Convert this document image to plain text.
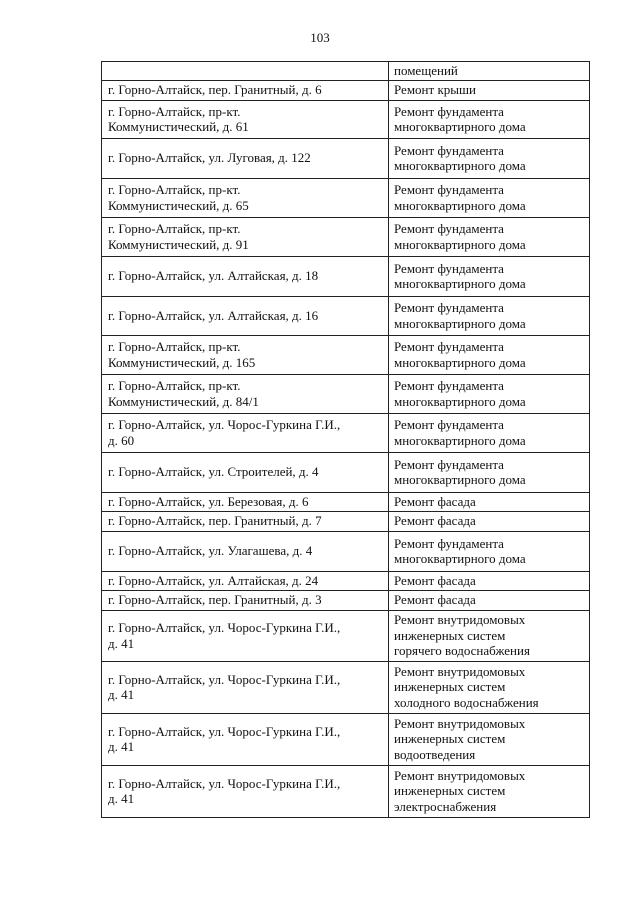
103
	помещений
г. Горно-Алтайск, пер. Гранитный, д. 6	Ремонт крыши
г. Горно-Алтайск, пр-кт.
Коммунистический, д. 61	Ремонт фундамента
многоквартирного дома
г. Горно-Алтайск, ул. Луговая, д. 122	Ремонт фундамента
многоквартирного дома
г. Горно-Алтайск, пр-кт.
Коммунистический, д. 65	Ремонт фундамента
многоквартирного дома
г. Горно-Алтайск, пр-кт.
Коммунистический, д. 91	Ремонт фундамента
многоквартирного дома
г. Горно-Алтайск, ул. Алтайская, д. 18	Ремонт фундамента
многоквартирного дома
г. Горно-Алтайск, ул. Алтайская, д. 16	Ремонт фундамента
многоквартирного дома
г. Горно-Алтайск, пр-кт.
Коммунистический, д. 165	Ремонт фундамента
многоквартирного дома
г. Горно-Алтайск, пр-кт.
Коммунистический, д. 84/1	Ремонт фундамента
многоквартирного дома
г. Горно-Алтайск, ул. Чорос-Гуркина Г.И.,
д. 60	Ремонт фундамента
многоквартирного дома
г. Горно-Алтайск, ул. Строителей, д. 4	Ремонт фундамента
многоквартирного дома
г. Горно-Алтайск, ул. Березовая, д. 6	Ремонт фасада
г. Горно-Алтайск, пер. Гранитный, д. 7	Ремонт фасада
г. Горно-Алтайск, ул. Улагашева, д. 4	Ремонт фундамента
многоквартирного дома
г. Горно-Алтайск, ул. Алтайская, д. 24	Ремонт фасада
г. Горно-Алтайск, пер. Гранитный, д. 3	Ремонт фасада
г. Горно-Алтайск, ул. Чорос-Гуркина Г.И.,
д. 41	Ремонт внутридомовых
инженерных систем
горячего водоснабжения
г. Горно-Алтайск, ул. Чорос-Гуркина Г.И.,
д. 41	Ремонт внутридомовых
инженерных систем
холодного водоснабжения
г. Горно-Алтайск, ул. Чорос-Гуркина Г.И.,
д. 41	Ремонт внутридомовых
инженерных систем
водоотведения
г. Горно-Алтайск, ул. Чорос-Гуркина Г.И.,
д. 41	Ремонт внутридомовых
инженерных систем
электроснабжения
